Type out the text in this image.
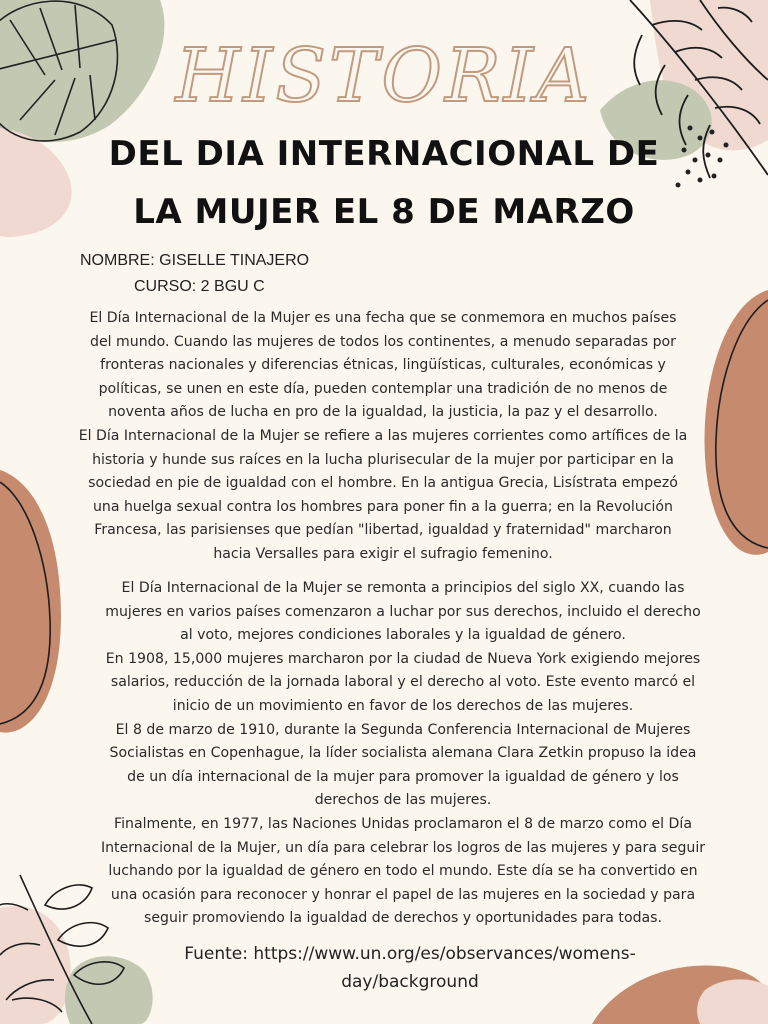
HISTORIA
DEL DIA INTERNACIONAL DE
LA MUJER EL 8 DE MARZO
NOMBRE: GISELLE TINAJERO
CURSO: 2 BGU C
El Día Internacional de la Mujer es una fecha que se conmemora en muchos países
del mundo. Cuando las mujeres de todos los continentes, a menudo separadas por
fronteras nacionales y diferencias étnicas, lingüísticas, culturales, económicas y
políticas, se unen en este día, pueden contemplar una tradición de no menos de
noventa años de lucha en pro de la igualdad, la justicia, la paz y el desarrollo.
El Día Internacional de la Mujer se refiere a las mujeres corrientes como artífices de la
historia y hunde sus raíces en la lucha plurisecular de la mujer por participar en la
sociedad en pie de igualdad con el hombre. En la antigua Grecia, Lisístrata empezó
una huelga sexual contra los hombres para poner fin a la guerra; en la Revolución
Francesa, las parisienses que pedían "libertad, igualdad y fraternidad" marcharon
hacia Versalles para exigir el sufragio femenino.
El Día Internacional de la Mujer se remonta a principios del siglo XX, cuando las
mujeres en varios países comenzaron a luchar por sus derechos, incluido el derecho
al voto, mejores condiciones laborales y la igualdad de género.
En 1908, 15,000 mujeres marcharon por la ciudad de Nueva York exigiendo mejores
salarios, reducción de la jornada laboral y el derecho al voto. Este evento marcó el
inicio de un movimiento en favor de los derechos de las mujeres.
El 8 de marzo de 1910, durante la Segunda Conferencia Internacional de Mujeres
Socialistas en Copenhague, la líder socialista alemana Clara Zetkin propuso la idea
de un día internacional de la mujer para promover la igualdad de género y los
derechos de las mujeres.
Finalmente, en 1977, las Naciones Unidas proclamaron el 8 de marzo como el Día
Internacional de la Mujer, un día para celebrar los logros de las mujeres y para seguir
luchando por la igualdad de género en todo el mundo. Este día se ha convertido en
una ocasión para reconocer y honrar el papel de las mujeres en la sociedad y para
seguir promoviendo la igualdad de derechos y oportunidades para todas.
Fuente: https://www.un.org/es/observances/womens-
day/background
